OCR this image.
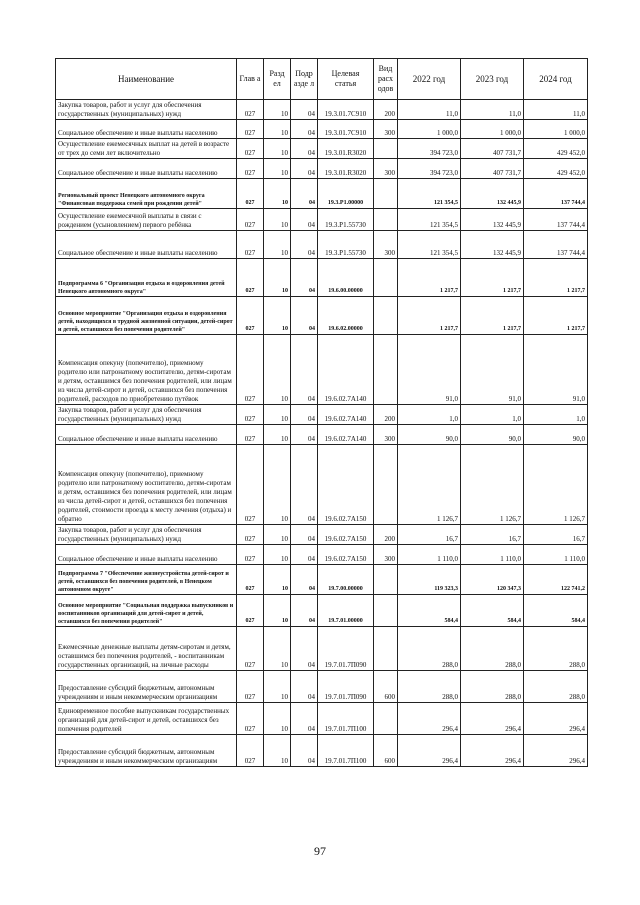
Наименование	Глав а	Разд ел	Подр азде л	Целевая статья	Вид расх одов	2022 год	2023 год	2024 год
Закупка товаров, работ и услуг для обеспечения государственных (муниципальных) нужд	027	10	04	19.3.01.7С910	200	11,0	11,0	11,0
Социальное обеспечение и иные выплаты населению	027	10	04	19.3.01.7С910	300	1 000,0	1 000,0	1 000,0
Осуществление ежемесячных выплат на детей в возрасте от трех до семи лет включительно	027	10	04	19.3.01.R3020		394 723,0	407 731,7	429 452,0
Социальное обеспечение и иные выплаты населению	027	10	04	19.3.01.R3020	300	394 723,0	407 731,7	429 452,0
Региональный проект Ненецкого автономного округа "Финансовая поддержка семей при рождении детей"	027	10	04	19.3.P1.00000		121 354,5	132 445,9	137 744,4
Осуществление ежемесячной выплаты в связи с рождением (усыновлением) первого ребёнка	027	10	04	19.3.P1.55730		121 354,5	132 445,9	137 744,4
Социальное обеспечение и иные выплаты населению	027	10	04	19.3.P1.55730	300	121 354,5	132 445,9	137 744,4
Подпрограмма 6 "Организация отдыха и оздоровления детей Ненецкого автономного округа"	027	10	04	19.6.00.00000		1 217,7	1 217,7	1 217,7
Основное мероприятие "Организация отдыха и оздоровления детей, находящихся в трудной жизненной ситуации, детей-сирот и детей, оставшихся без попечения родителей"	027	10	04	19.6.02.00000		1 217,7	1 217,7	1 217,7
Компенсация опекуну (попечителю), приемному родителю или патронатному воспитателю, детям-сиротам и детям, оставшимся без попечения родителей, или лицам из числа детей-сирот и детей, оставшихся без попечения родителей, расходов по приобретению путёвок	027	10	04	19.6.02.7А140		91,0	91,0	91,0
Закупка товаров, работ и услуг для обеспечения государственных (муниципальных) нужд	027	10	04	19.6.02.7А140	200	1,0	1,0	1,0
Социальное обеспечение и иные выплаты населению	027	10	04	19.6.02.7А140	300	90,0	90,0	90,0
Компенсация опекуну (попечителю), приемному родителю или патронатному воспитателю, детям-сиротам и детям, оставшимся без попечения родителей, или лицам из числа детей-сирот и детей, оставшихся без попечения родителей, стоимости проезда к месту лечения (отдыха) и обратно	027	10	04	19.6.02.7А150		1 126,7	1 126,7	1 126,7
Закупка товаров, работ и услуг для обеспечения государственных (муниципальных) нужд	027	10	04	19.6.02.7А150	200	16,7	16,7	16,7
Социальное обеспечение и иные выплаты населению	027	10	04	19.6.02.7А150	300	1 110,0	1 110,0	1 110,0
Подпрограмма 7 "Обеспечение жизнеустройства детей-сирот и детей, оставшихся без попечения родителей, в Ненецком автономном округе"	027	10	04	19.7.00.00000		119 323,3	120 347,3	122 741,2
Основное мероприятие "Социальная поддержка выпускников и воспитанников организаций для детей-сирот и детей, оставшихся без попечения родителей"	027	10	04	19.7.01.00000		584,4	584,4	584,4
Ежемесячные денежные выплаты детям-сиротам и детям, оставшимся без попечения родителей, - воспитанникам государственных организаций, на личные расходы	027	10	04	19.7.01.7П090		288,0	288,0	288,0
Предоставление субсидий бюджетным, автономным учреждениям и иным некоммерческим организациям	027	10	04	19.7.01.7П090	600	288,0	288,0	288,0
Единовременное пособие выпускникам государственных организаций для детей-сирот и детей, оставшихся без попечения родителей	027	10	04	19.7.01.7П100		296,4	296,4	296,4
Предоставление субсидий бюджетным, автономным учреждениям и иным некоммерческим организациям	027	10	04	19.7.01.7П100	600	296,4	296,4	296,4
97
